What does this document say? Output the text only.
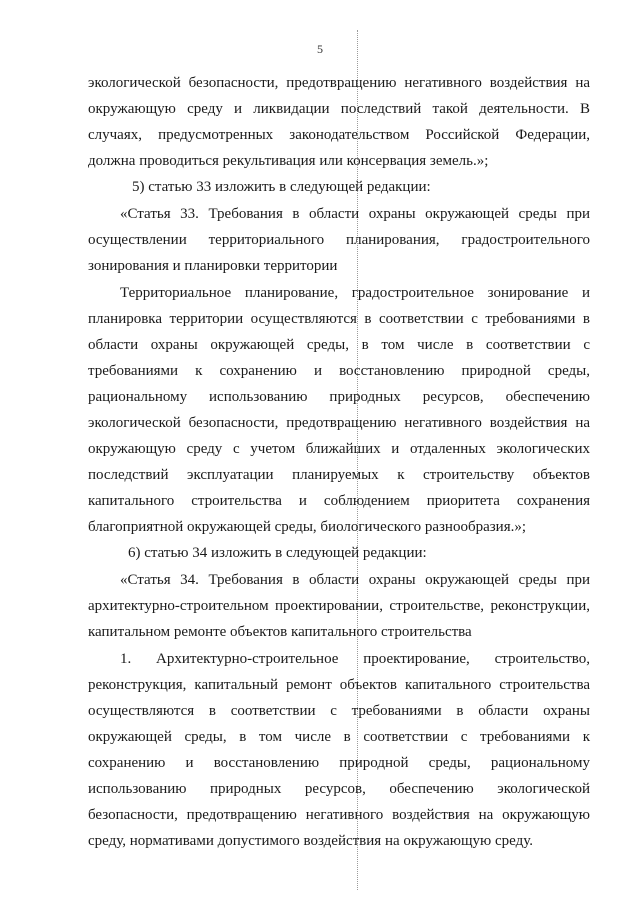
5
экологической безопасности, предотвращению негативного воздействия на
окружающую среду и ликвидации последствий такой деятельности. В
случаях, предусмотренных законодательством Российской Федерации,
должна проводиться рекультивация или консервация земель.»;
5) статью 33 изложить в следующей редакции:
«Статья 33. Требования в области охраны окружающей среды при
осуществлении территориального планирования, градостроительного
зонирования и планировки территории
Территориальное планирование, градостроительное зонирование и
планировка территории осуществляются в соответствии с требованиями в
области охраны окружающей среды, в том числе в соответствии с
требованиями к сохранению и восстановлению природной среды,
рациональному использованию природных ресурсов, обеспечению
экологической безопасности, предотвращению негативного воздействия на
окружающую среду с учетом ближайших и отдаленных экологических
последствий эксплуатации планируемых к строительству объектов
капитального строительства и соблюдением приоритета сохранения
благоприятной окружающей среды, биологического разнообразия.»;
6) статью 34 изложить в следующей редакции:
«Статья 34. Требования в области охраны окружающей среды при
архитектурно-строительном проектировании, строительстве, реконструкции,
капитальном ремонте объектов капитального строительства
1. Архитектурно-строительное проектирование, строительство,
реконструкция, капитальный ремонт объектов капитального строительства
осуществляются в соответствии с требованиями в области охраны
окружающей среды, в том числе в соответствии с требованиями к
сохранению и восстановлению природной среды, рациональному
использованию природных ресурсов, обеспечению экологической
безопасности, предотвращению негативного воздействия на окружающую
среду, нормативами допустимого воздействия на окружающую среду.
